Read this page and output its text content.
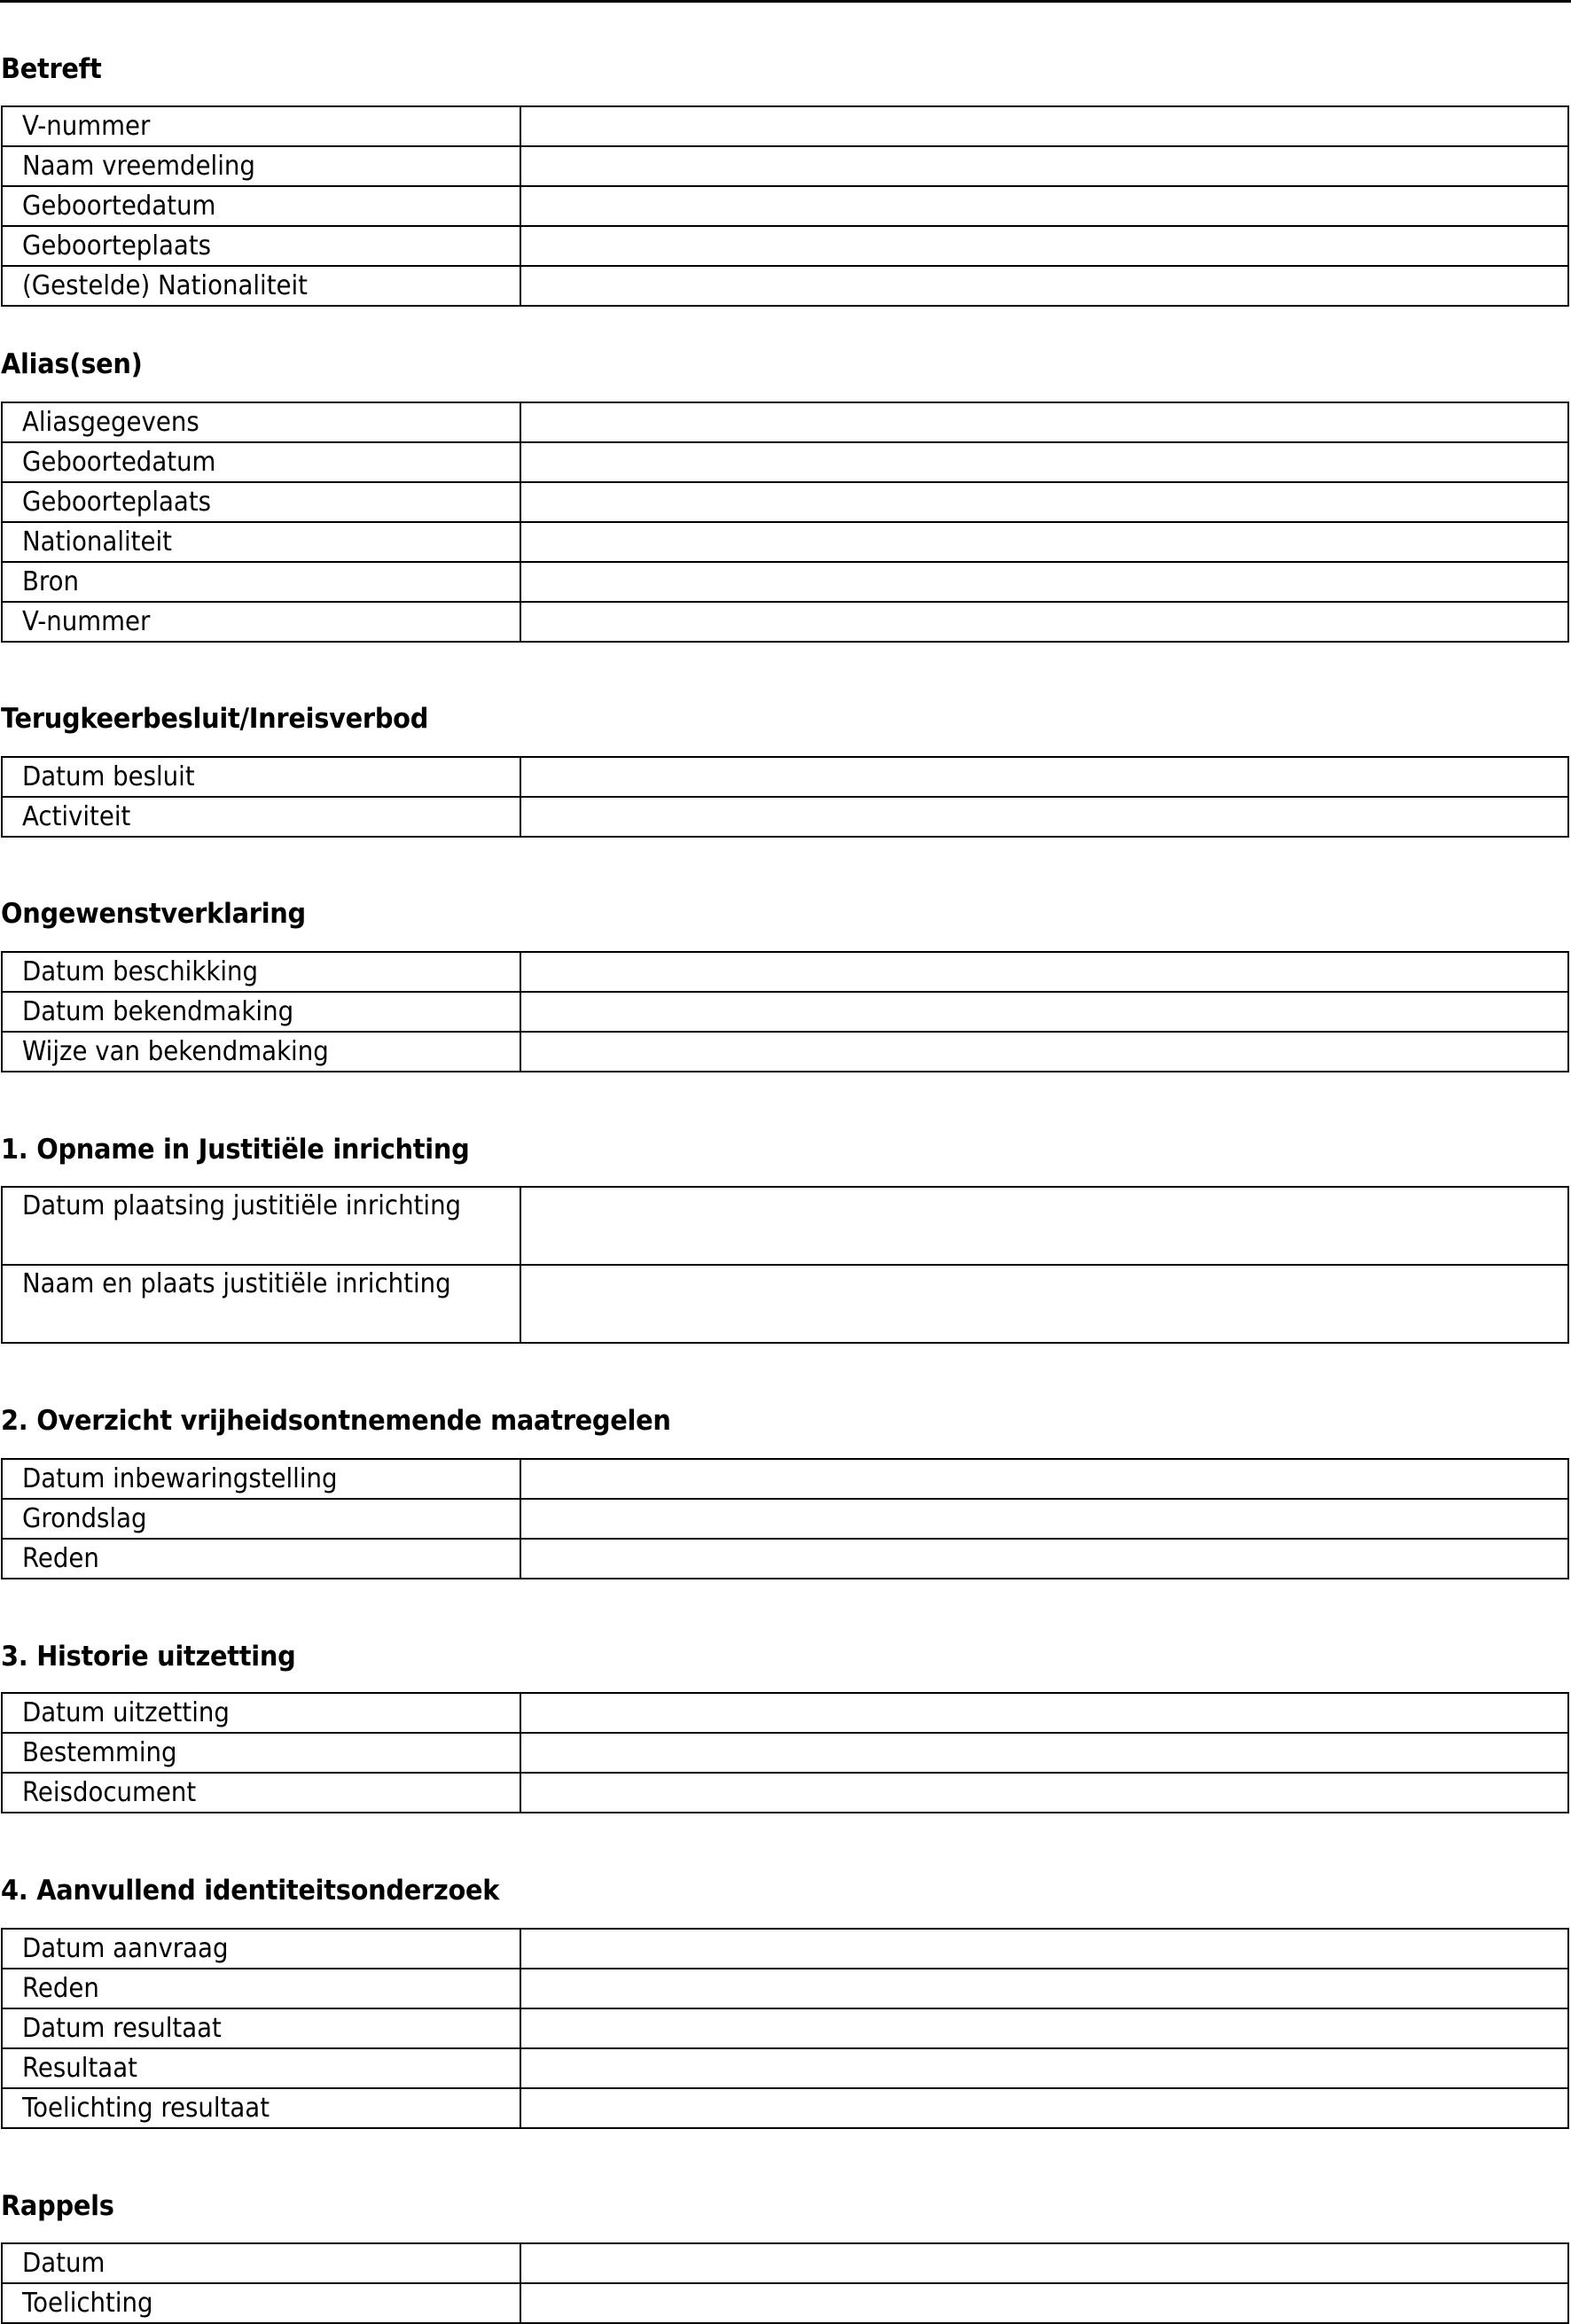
Betreft
V-nummer	
Naam vreemdeling	
Geboortedatum	
Geboorteplaats	
(Gestelde) Nationaliteit	
Alias(sen)
Aliasgegevens	
Geboortedatum	
Geboorteplaats	
Nationaliteit	
Bron	
V-nummer	
Terugkeerbesluit/Inreisverbod
Datum besluit	
Activiteit	
Ongewenstverklaring
Datum beschikking	
Datum bekendmaking	
Wijze van bekendmaking	
1. Opname in Justitiële inrichting
Datum plaatsing justitiële inrichting	
Naam en plaats justitiële inrichting	
2. Overzicht vrijheidsontnemende maatregelen
Datum inbewaringstelling	
Grondslag	
Reden	
3. Historie uitzetting
Datum uitzetting	
Bestemming	
Reisdocument	
4. Aanvullend identiteitsonderzoek
Datum aanvraag	
Reden	
Datum resultaat	
Resultaat	
Toelichting resultaat	
Rappels
Datum	
Toelichting	
